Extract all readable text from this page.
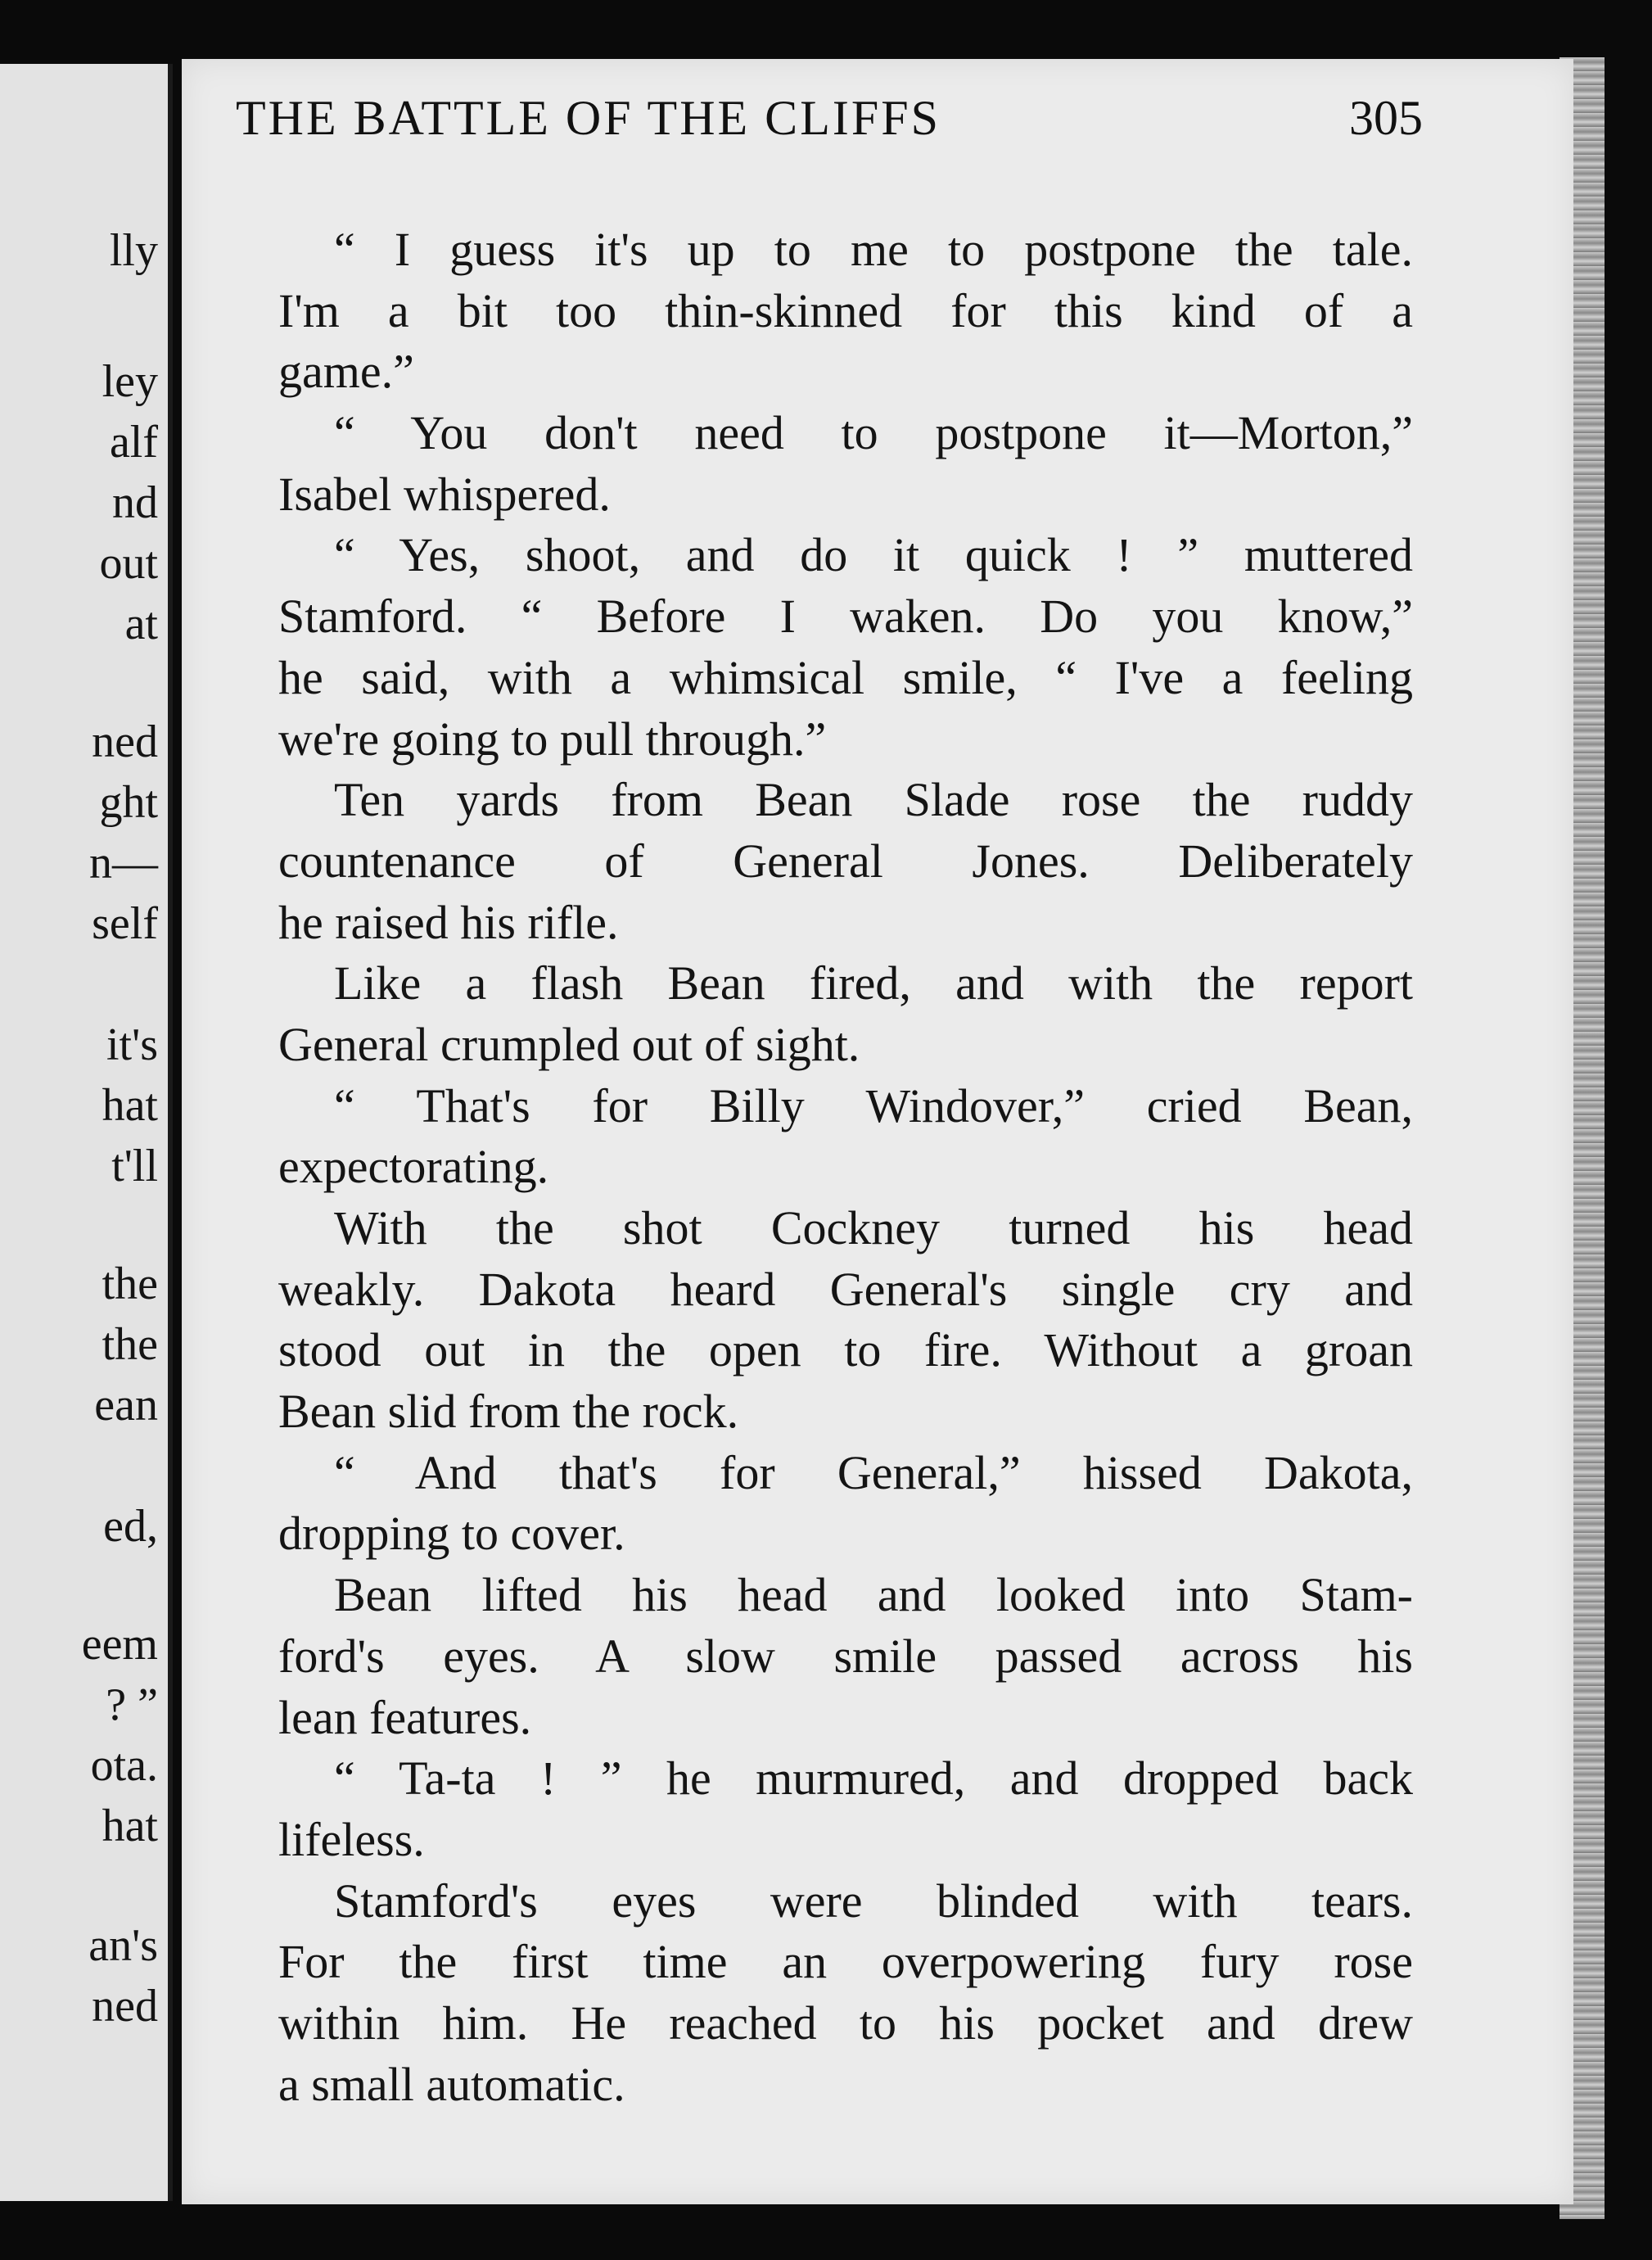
lly
ley
alf
nd
out
at
ned
ght
n—
self
it's
hat
t'll
the
the
ean
ed,
eem
? ”
ota.
hat
an's
ned
THE BATTLE OF THE CLIFFS	305
“ I guess it's up to me to postpone the tale.
I'm a bit too thin-skinned for this kind of a
game.”
“ You don't need to postpone it—Morton,”
Isabel whispered.
“ Yes, shoot, and do it quick ! ” muttered
Stamford. “ Before I waken. Do you know,”
he said, with a whimsical smile, “ I've a feeling
we're going to pull through.”
Ten yards from Bean Slade rose the ruddy
countenance of General Jones. Deliberately
he raised his rifle.
Like a flash Bean fired, and with the report
General crumpled out of sight.
“ That's for Billy Windover,” cried Bean,
expectorating.
With the shot Cockney turned his head
weakly. Dakota heard General's single cry and
stood out in the open to fire. Without a groan
Bean slid from the rock.
“ And that's for General,” hissed Dakota,
dropping to cover.
Bean lifted his head and looked into Stam-
ford's eyes. A slow smile passed across his
lean features.
“ Ta-ta ! ” he murmured, and dropped back
lifeless.
Stamford's eyes were blinded with tears.
For the first time an overpowering fury rose
within him. He reached to his pocket and drew
a small automatic.
